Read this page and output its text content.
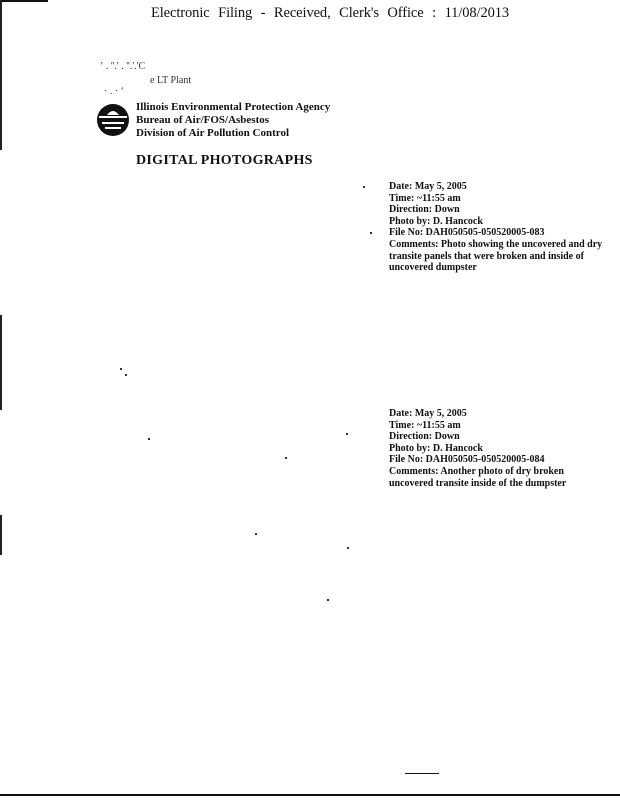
Electronic Filing - Received, Clerk's Office : 11/08/2013
ʼ . ''.' . ''.'.'C
e LT Plant
· . · ‘
Illinois Environmental Protection Agency
Bureau of Air/FOS/Asbestos
Division of Air Pollution Control
DIGITAL PHOTOGRAPHS
Date: May 5, 2005
Time: ~11:55 am
Direction: Down
Photo by: D. Hancock
File No: DAH050505-050520005-083
Comments: Photo showing the uncovered and dry transite panels that were broken and inside of uncovered dumpster
Date: May 5, 2005
Time: ~11:55 am
Direction: Down
Photo by: D. Hancock
File No: DAH050505-050520005-084
Comments: Another photo of dry broken uncovered transite inside of the dumpster
